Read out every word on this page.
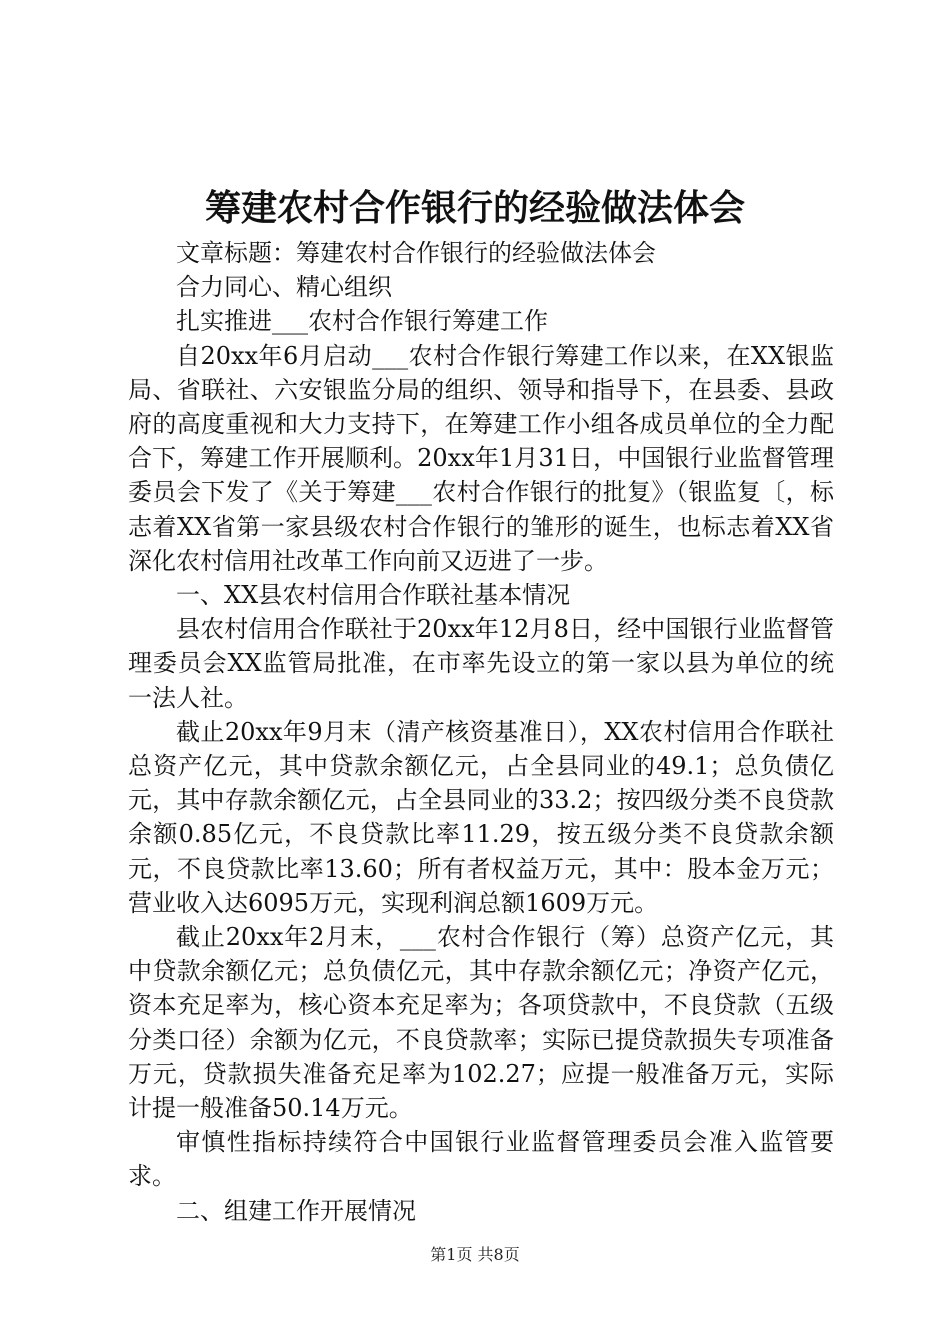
筹建农村合作银行的经验做法体会

文章标题：筹建农村合作银行的经验做法体会

合力同心、精心组织

扎实推进___农村合作银行筹建工作

自20xx年6月启动___农村合作银行筹建工作以来，在XX银监局、省联社、六安银监分局的组织、领导和指导下，在县委、县政府的高度重视和大力支持下，在筹建工作小组各成员单位的全力配合下，筹建工作开展顺利。20xx年1月31日，中国银行业监督管理委员会下发了《关于筹建___农村合作银行的批复》（银监复〔，标志着XX省第一家县级农村合作银行的雏形的诞生，也标志着XX省深化农村信用社改革工作向前又迈进了一步。

一、XX县农村信用合作联社基本情况

县农村信用合作联社于20xx年12月8日，经中国银行业监督管理委员会XX监管局批准，在市率先设立的第一家以县为单位的统一法人社。

截止20xx年9月末（清产核资基准日），XX农村信用合作联社总资产亿元，其中贷款余额亿元，占全县同业的49.1；总负债亿元，其中存款余额亿元，占全县同业的33.2；按四级分类不良贷款余额0.85亿元，不良贷款比率11.29，按五级分类不良贷款余额元，不良贷款比率13.60；所有者权益万元，其中：股本金万元；营业收入达6095万元，实现利润总额1609万元。

截止20xx年2月末，___农村合作银行（筹）总资产亿元，其中贷款余额亿元；总负债亿元，其中存款余额亿元；净资产亿元，资本充足率为，核心资本充足率为；各项贷款中，不良贷款（五级分类口径）余额为亿元，不良贷款率；实际已提贷款损失专项准备万元，贷款损失准备充足率为102.27；应提一般准备万元，实际计提一般准备50.14万元。

审慎性指标持续符合中国银行业监督管理委员会准入监管要求。

二、组建工作开展情况

第1页 共8页
